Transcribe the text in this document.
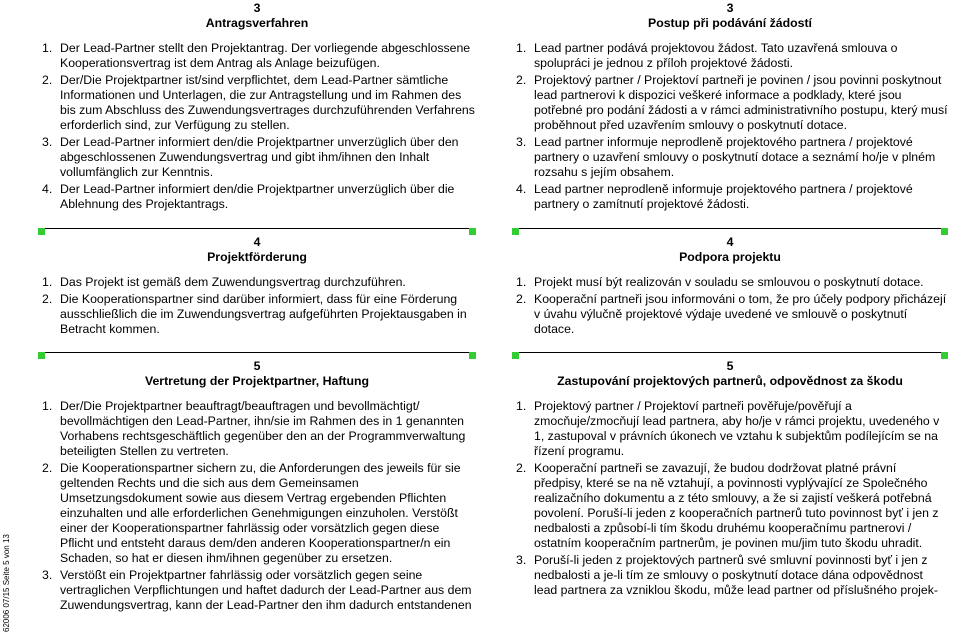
62006 07/15 Seite 5 von 13
3
Antragsverfahren
1. Der Lead-Partner stellt den Projektantrag. Der vorliegende abgeschlossene Kooperationsvertrag ist dem Antrag als Anlage beizufügen.
2. Der/Die Projektpartner ist/sind verpflichtet, dem Lead-Partner sämtliche Informationen und Unterlagen, die zur Antragstellung und im Rahmen des bis zum Abschluss des Zuwendungsvertrages durchzuführenden Verfahrens erforderlich sind, zur Verfügung zu stellen.
3. Der Lead-Partner informiert den/die Projektpartner unverzüglich über den abgeschlossenen Zuwendungsvertrag und gibt ihm/ihnen den Inhalt vollumfänglich zur Kenntnis.
4. Der Lead-Partner informiert den/die Projektpartner unverzüglich über die Ablehnung des Projektantrags.
4
Projektförderung
1. Das Projekt ist gemäß dem Zuwendungsvertrag durchzuführen.
2. Die Kooperationspartner sind darüber informiert, dass für eine Förderung ausschließlich die im Zuwendungsvertrag aufgeführten Projektausgaben in Betracht kommen.
5
Vertretung der Projektpartner, Haftung
1. Der/Die Projektpartner beauftragt/beauftragen und bevollmächtigt/ bevollmächtigen den Lead-Partner, ihn/sie im Rahmen des in 1 genannten Vorhabens rechtsgeschäftlich gegenüber den an der Programmverwaltung beteiligten Stellen zu vertreten.
2. Die Kooperationspartner sichern zu, die Anforderungen des jeweils für sie geltenden Rechts und die sich aus dem Gemeinsamen Umsetzungsdokument sowie aus diesem Vertrag ergebenden Pflichten einzuhalten und alle erforderlichen Genehmigungen einzuholen. Verstößt einer der Kooperationspartner fahrlässig oder vorsätzlich gegen diese Pflicht und entsteht daraus dem/den anderen Kooperationspartner/n ein Schaden, so hat er diesen ihm/ihnen gegenüber zu ersetzen.
3. Verstößt ein Projektpartner fahrlässig oder vorsätzlich gegen seine vertraglichen Verpflichtungen und haftet dadurch der Lead-Partner aus dem Zuwendungsvertrag, kann der Lead-Partner den ihm dadurch entstandenen
3
Postup při podávání žádostí
1. Lead partner podává projektovou žádost. Tato uzavřená smlouva o spolupráci je jednou z příloh projektové žádosti.
2. Projektový partner / Projektoví partneři je povinen / jsou povinni poskytnout lead partnerovi k dispozici veškeré informace a podklady, které jsou potřebné pro podání žádosti a v rámci administrativního postupu, který musí proběhnout před uzavřením smlouvy o poskytnutí dotace.
3. Lead partner informuje neprodleně projektového partnera / projektové partnery o uzavření smlouvy o poskytnutí dotace a seznámí ho/je v plném rozsahu s jejím obsahem.
4. Lead partner neprodleně informuje projektového partnera / projektové partnery o zamítnutí projektové žádosti.
4
Podpora projektu
1. Projekt musí být realizován v souladu se smlouvou o poskytnutí dotace.
2. Kooperační partneři jsou informováni o tom, že pro účely podpory přicházejí v úvahu výlučně projektové výdaje uvedené ve smlouvě o poskytnutí dotace.
5
Zastupování projektových partnerů, odpovědnost za škodu
1. Projektový partner / Projektoví partneři pověřuje/pověřují a zmocňuje/zmocňují lead partnera, aby ho/je v rámci projektu, uvedeného v 1, zastupoval v právních úkonech ve vztahu k subjektům podílejícím se na řízení programu.
2. Kooperační partneři se zavazují, že budou dodržovat platné právní předpisy, které se na ně vztahují, a povinnosti vyplývající ze Společného realizačního dokumentu a z této smlouvy, a že si zajistí veškerá potřebná povolení. Poruší-li jeden z kooperačních partnerů tuto povinnost byť i jen z nedbalosti a způsobí-li tím škodu druhému kooperačnímu partnerovi / ostatním kooperačním partnerům, je povinen mu/jim tuto škodu uhradit.
3. Poruší-li jeden z projektových partnerů své smluvní povinnosti byť i jen z nedbalosti a je-li tím ze smlouvy o poskytnutí dotace dána odpovědnost lead partnera za vzniklou škodu, může lead partner od příslušného projek-
